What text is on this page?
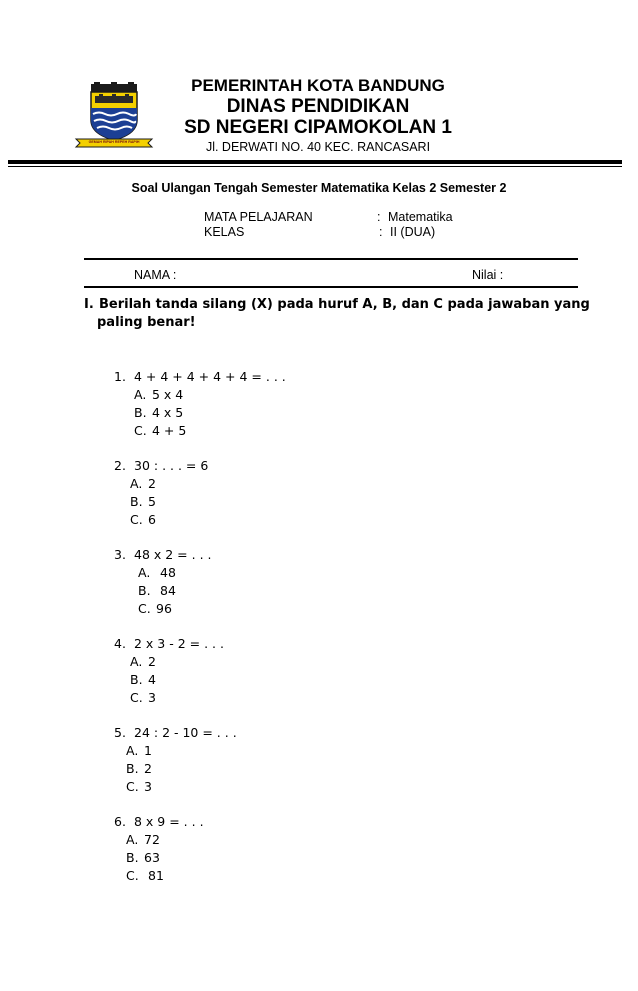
GEMAH RIPAH REPEH RAPIH
PEMERINTAH KOTA BANDUNG
DINAS PENDIDIKAN
SD NEGERI CIPAMOKOLAN 1
Jl. DERWATI NO. 40 KEC. RANCASARI
Soal Ulangan Tengah Semester Matematika Kelas 2 Semester 2
MATA PELAJARAN	: Matematika
KELAS	: II (DUA)
NAMA :	Nilai :
I. Berilah tanda silang (X) pada huruf A, B, dan C pada jawaban yang
paling benar!
1. 4 + 4 + 4 + 4 + 4 = . . .
A. 5 x 4
B. 4 x 5
C. 4 + 5
2. 30 : . . . = 6
A. 2
B. 5
C. 6
3. 48 x 2 = . . .
A. 48
B. 84
C. 96
4. 2 x 3 - 2 = . . .
A. 2
B. 4
C. 3
5. 24 : 2 - 10 = . . .
A. 1
B. 2
C. 3
6. 8 x 9 = . . .
A. 72
B. 63
C. 81
